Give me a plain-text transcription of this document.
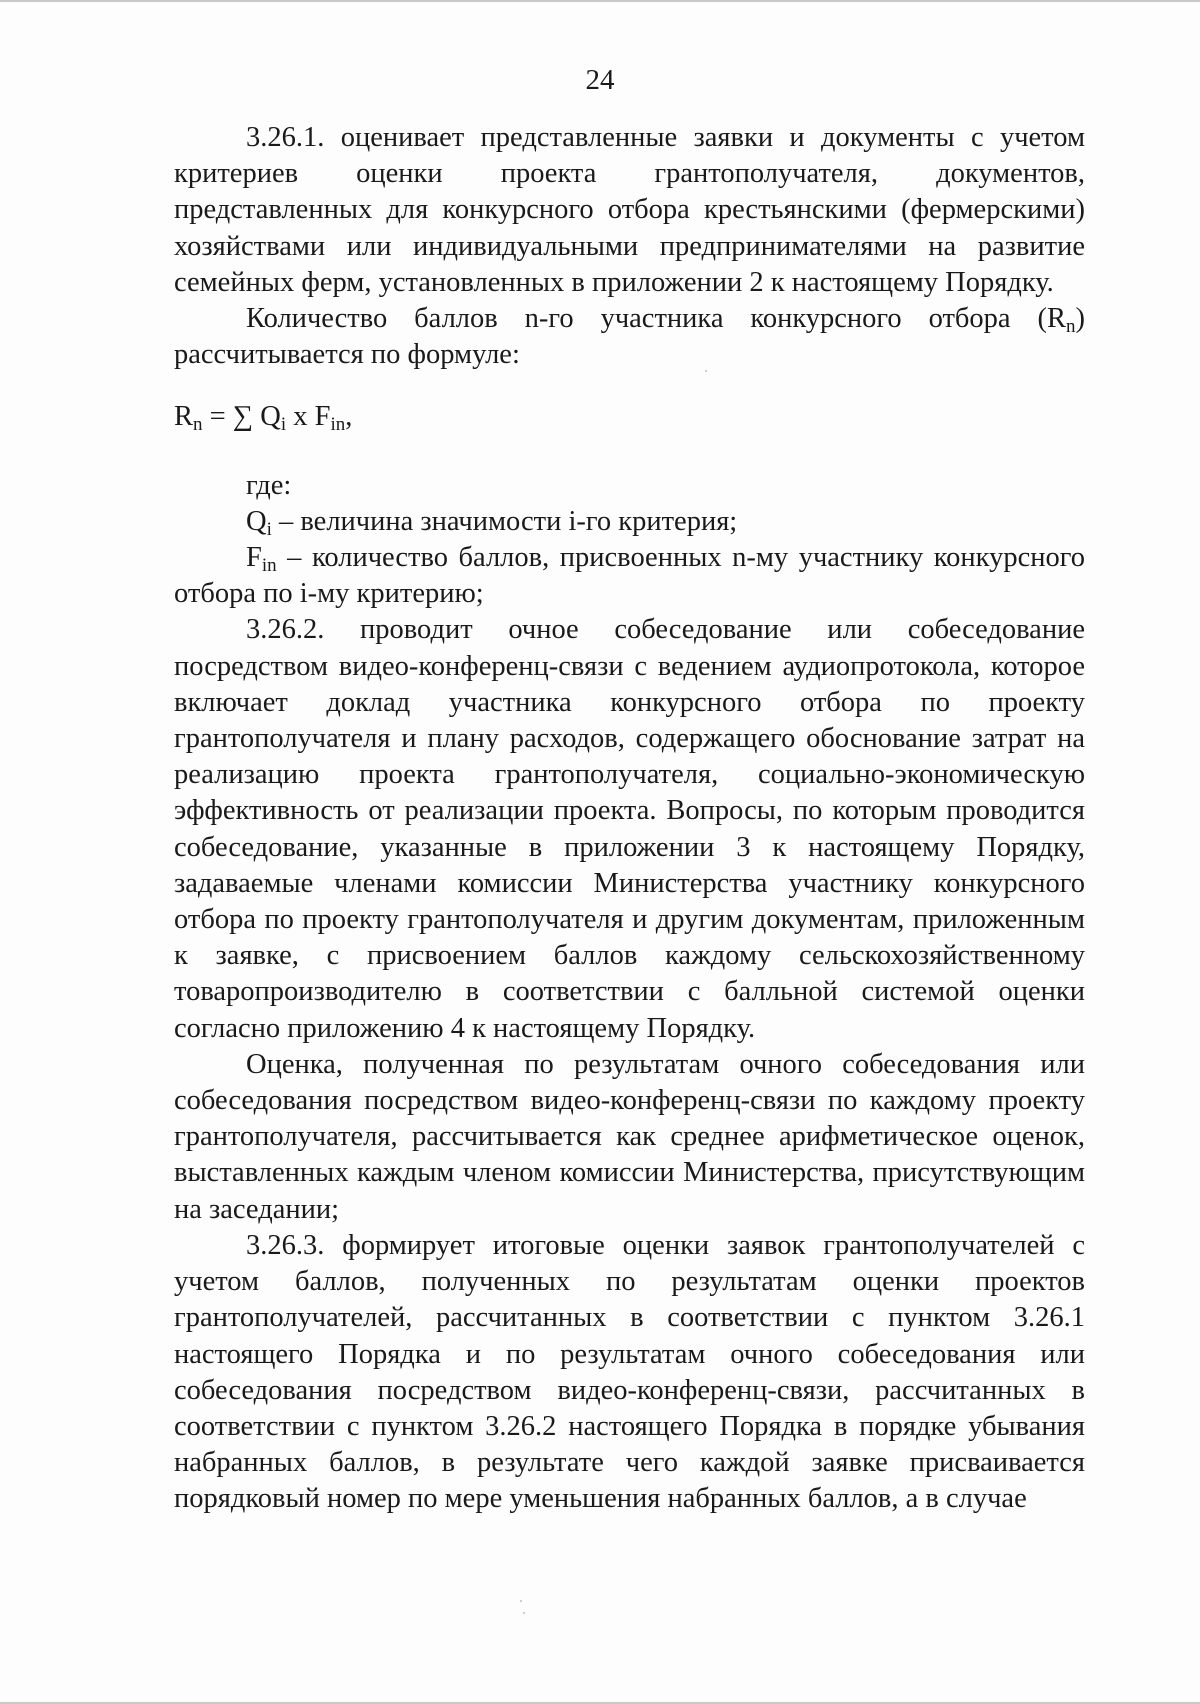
24

3.26.1. оценивает представленные заявки и документы с учетом критериев оценки проекта грантополучателя, документов, представленных для конкурсного отбора крестьянскими (фермерскими) хозяйствами или индивидуальными предпринимателями на развитие семейных ферм, установленных в приложении 2 к настоящему Порядку.

Количество баллов n-го участника конкурсного отбора $(R_n)$ рассчитывается по формуле:

$R_n$ = ∑ $Q_i$ x $F_{in}$,

где:

$Q_i$ – величина значимости i-го критерия;

$F_{in}$ – количество баллов, присвоенных n-му участнику конкурсного отбора по i-му критерию;

3.26.2. проводит очное собеседование или собеседование посредством видео-конференц-связи с ведением аудиопротокола, которое включает доклад участника конкурсного отбора по проекту грантополучателя и плану расходов, содержащего обоснование затрат на реализацию проекта грантополучателя, социально-экономическую эффективность от реализации проекта. Вопросы, по которым проводится собеседование, указанные в приложении 3 к настоящему Порядку, задаваемые членами комиссии Министерства участнику конкурсного отбора по проекту грантополучателя и другим документам, приложенным к заявке, с присвоением баллов каждому сельскохозяйственному товаропроизводителю в соответствии с балльной системой оценки согласно приложению 4 к настоящему Порядку.

Оценка, полученная по результатам очного собеседования или собеседования посредством видео-конференц-связи по каждому проекту грантополучателя, рассчитывается как среднее арифметическое оценок, выставленных каждым членом комиссии Министерства, присутствующим на заседании;

3.26.3. формирует итоговые оценки заявок грантополучателей с учетом баллов, полученных по результатам оценки проектов грантополучателей, рассчитанных в соответствии с пунктом 3.26.1 настоящего Порядка и по результатам очного собеседования или собеседования посредством видео-конференц-связи, рассчитанных в соответствии с пунктом 3.26.2 настоящего Порядка в порядке убывания набранных баллов, в результате чего каждой заявке присваивается порядковый номер по мере уменьшения набранных баллов, а в случае
